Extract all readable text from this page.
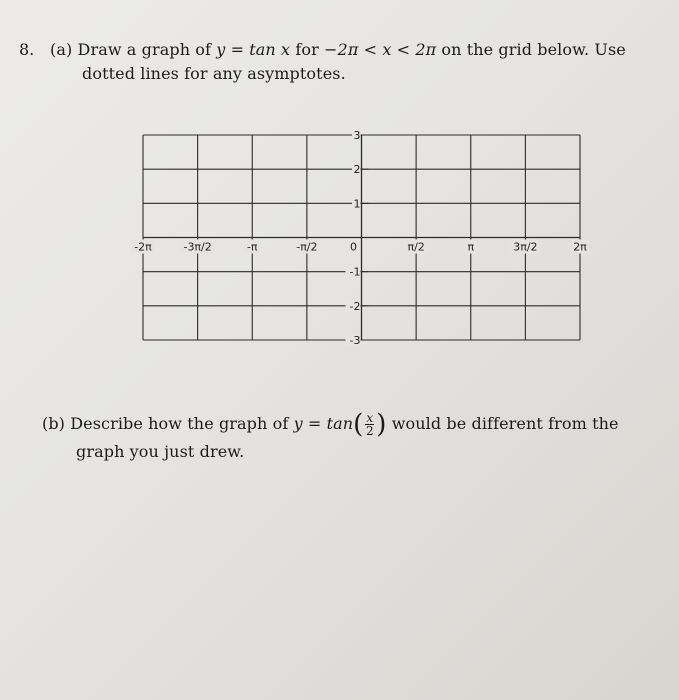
8. (a) Draw a graph of y = tan x for −2π < x < 2π on the grid below. Use
dotted lines for any asymptotes.
-2π	-3π/2	-π	-π/2	0	π/2	π	3π/2	2π
3
2
1
-1
-2
-3
(b) Describe how the graph of $y = \tan( \frac{x}{2}$ ) would be different from the
graph you just drew.
